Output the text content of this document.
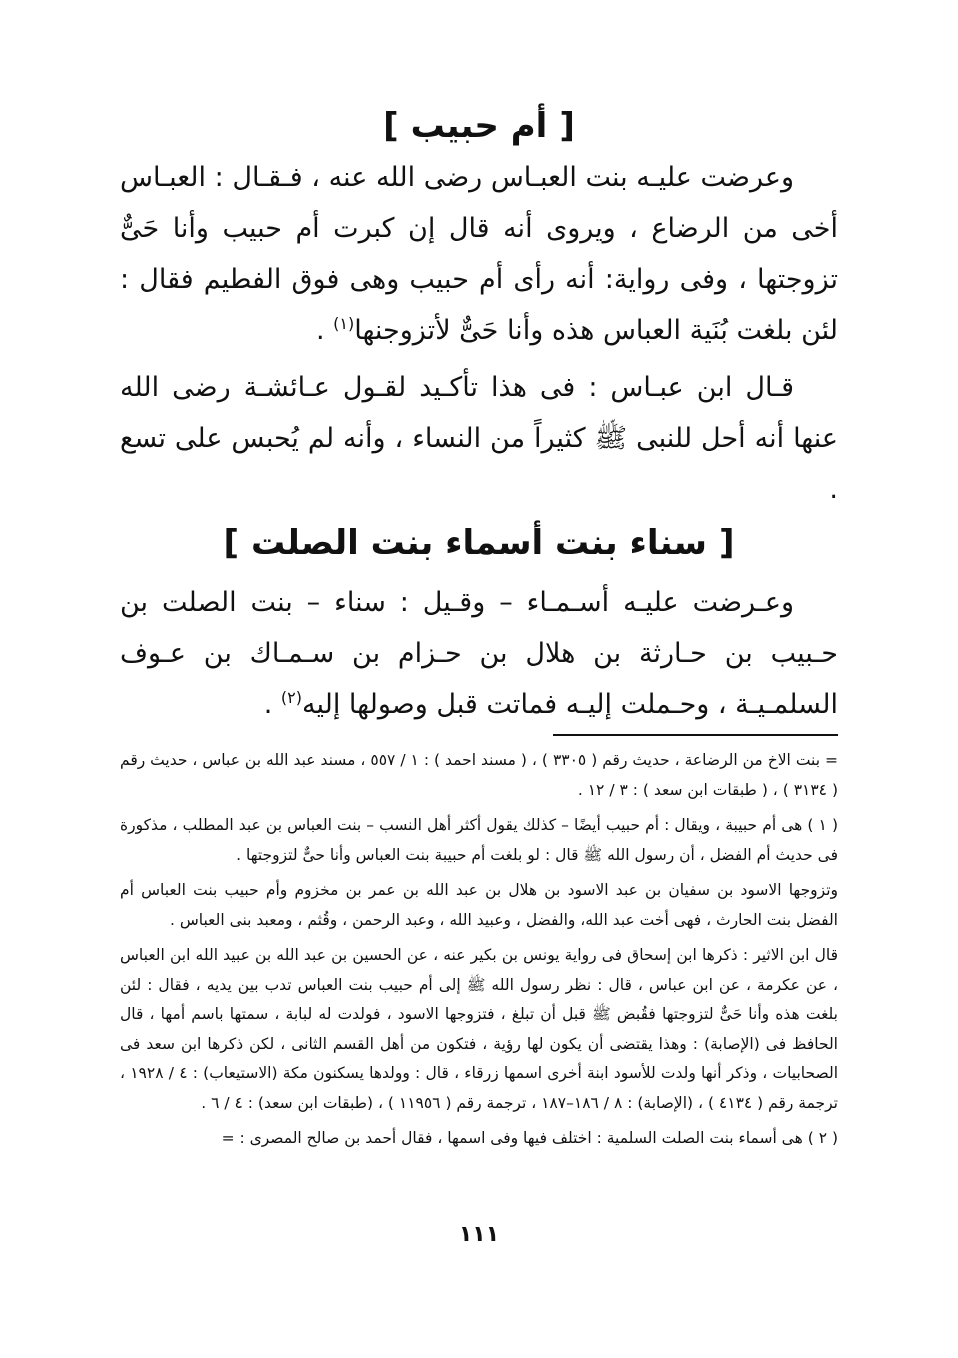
[أم حبيب]

وعرضت عليـه بنت العبـاس رضى الله عنه ، فـقـال : العبـاس أخى من الرضاع ، ويروى أنه قال إن كبرت أم حبيب وأنا حَىٌّ تزوجتها ، وفى رواية: أنه رأى أم حبيب وهى فوق الفطيم فقال : لئن بلغت بُنَية العباس هذه وأنا حَىٌّ لأتزوجنها$^{(١)}$ .

قـال ابن عبـاس : فى هذا تأكـيد لقـول عـائشـة رضى الله عنها أنه أحل للنبى ﷺ كثيراً من النساء ، وأنه لم يُحبس على تسع .

[سناء بنت أسماء بنت الصلت]

وعـرضت عليـه أسـمـاء – وقـيل : سناء – بنت الصلت بن حـبيب بن حـارثة بن هلال بن حـزام بن سـمـاك بن عـوف السلمـيـة ، وحـملت إليـه فماتت قبل وصولها إليه$^{(٢)}$ .

= بنت الاخ من الرضاعة ، حديث رقم ( ٣٣٠٥ ) ، ( مسند احمد ) : ١ / ٥٥٧ ، مسند عبد الله بن عباس ، حديث رقم ( ٣١٣٤ ) ، ( طبقات ابن سعد ) : ٣ / ١٢ .

( ١ ) هى أم حبيبة ، ويقال : أم حبيب أيضًا – كذلك يقول أكثر أهل النسب – بنت العباس بن عبد المطلب ، مذكورة فى حديث أم الفضل ، أن رسول الله ﷺ قال : لو بلغت أم حبيبة بنت العباس وأنا حىٌّ لتزوجتها .

وتزوجها الاسود بن سفيان بن عبد الاسود بن هلال بن عبد الله بن عمر بن مخزوم وأم حبيب بنت العباس أم الفضل بنت الحارث ، فهى أخت عبد الله، والفضل ، وعبيد الله ، وعبد الرحمن ، وقُثم ، ومعبد بنى العباس .

قال ابن الاثير : ذكرها ابن إسحاق فى رواية يونس بن بكير عنه ، عن الحسين بن عبد الله بن عبيد الله ابن العباس ، عن عكرمة ، عن ابن عباس ، قال : نظر رسول الله ﷺ إلى أم حبيب بنت العباس تدب بين يديه ، فقال : لئن بلغت هذه وأنا حَىٌّ لتزوجتها فقُبض ﷺ قبل أن تبلغ ، فتزوجها الاسود ، فولدت له لبابة ، سمتها باسم أمها ، قال الحافظ فى (الإصابة) : وهذا يقتضى أن يكون لها رؤية ، فتكون من أهل القسم الثانى ، لكن ذكرها ابن سعد فى الصحابيات ، وذكر أنها ولدت للأسود ابنة أخرى اسمها زرقاء ، قال : وولدها يسكنون مكة (الاستيعاب) : ٤ / ١٩٢٨ ، ترجمة رقم ( ٤١٣٤ ) ، (الإصابة) : ٨ / ١٨٦–١٨٧ ، ترجمة رقم ( ١١٩٥٦ ) ، (طبقات ابن سعد) : ٤ / ٦ .

( ٢ ) هى أسماء بنت الصلت السلمية : اختلف فيها وفى اسمها ، فقال أحمد بن صالح المصرى : =

١١١
